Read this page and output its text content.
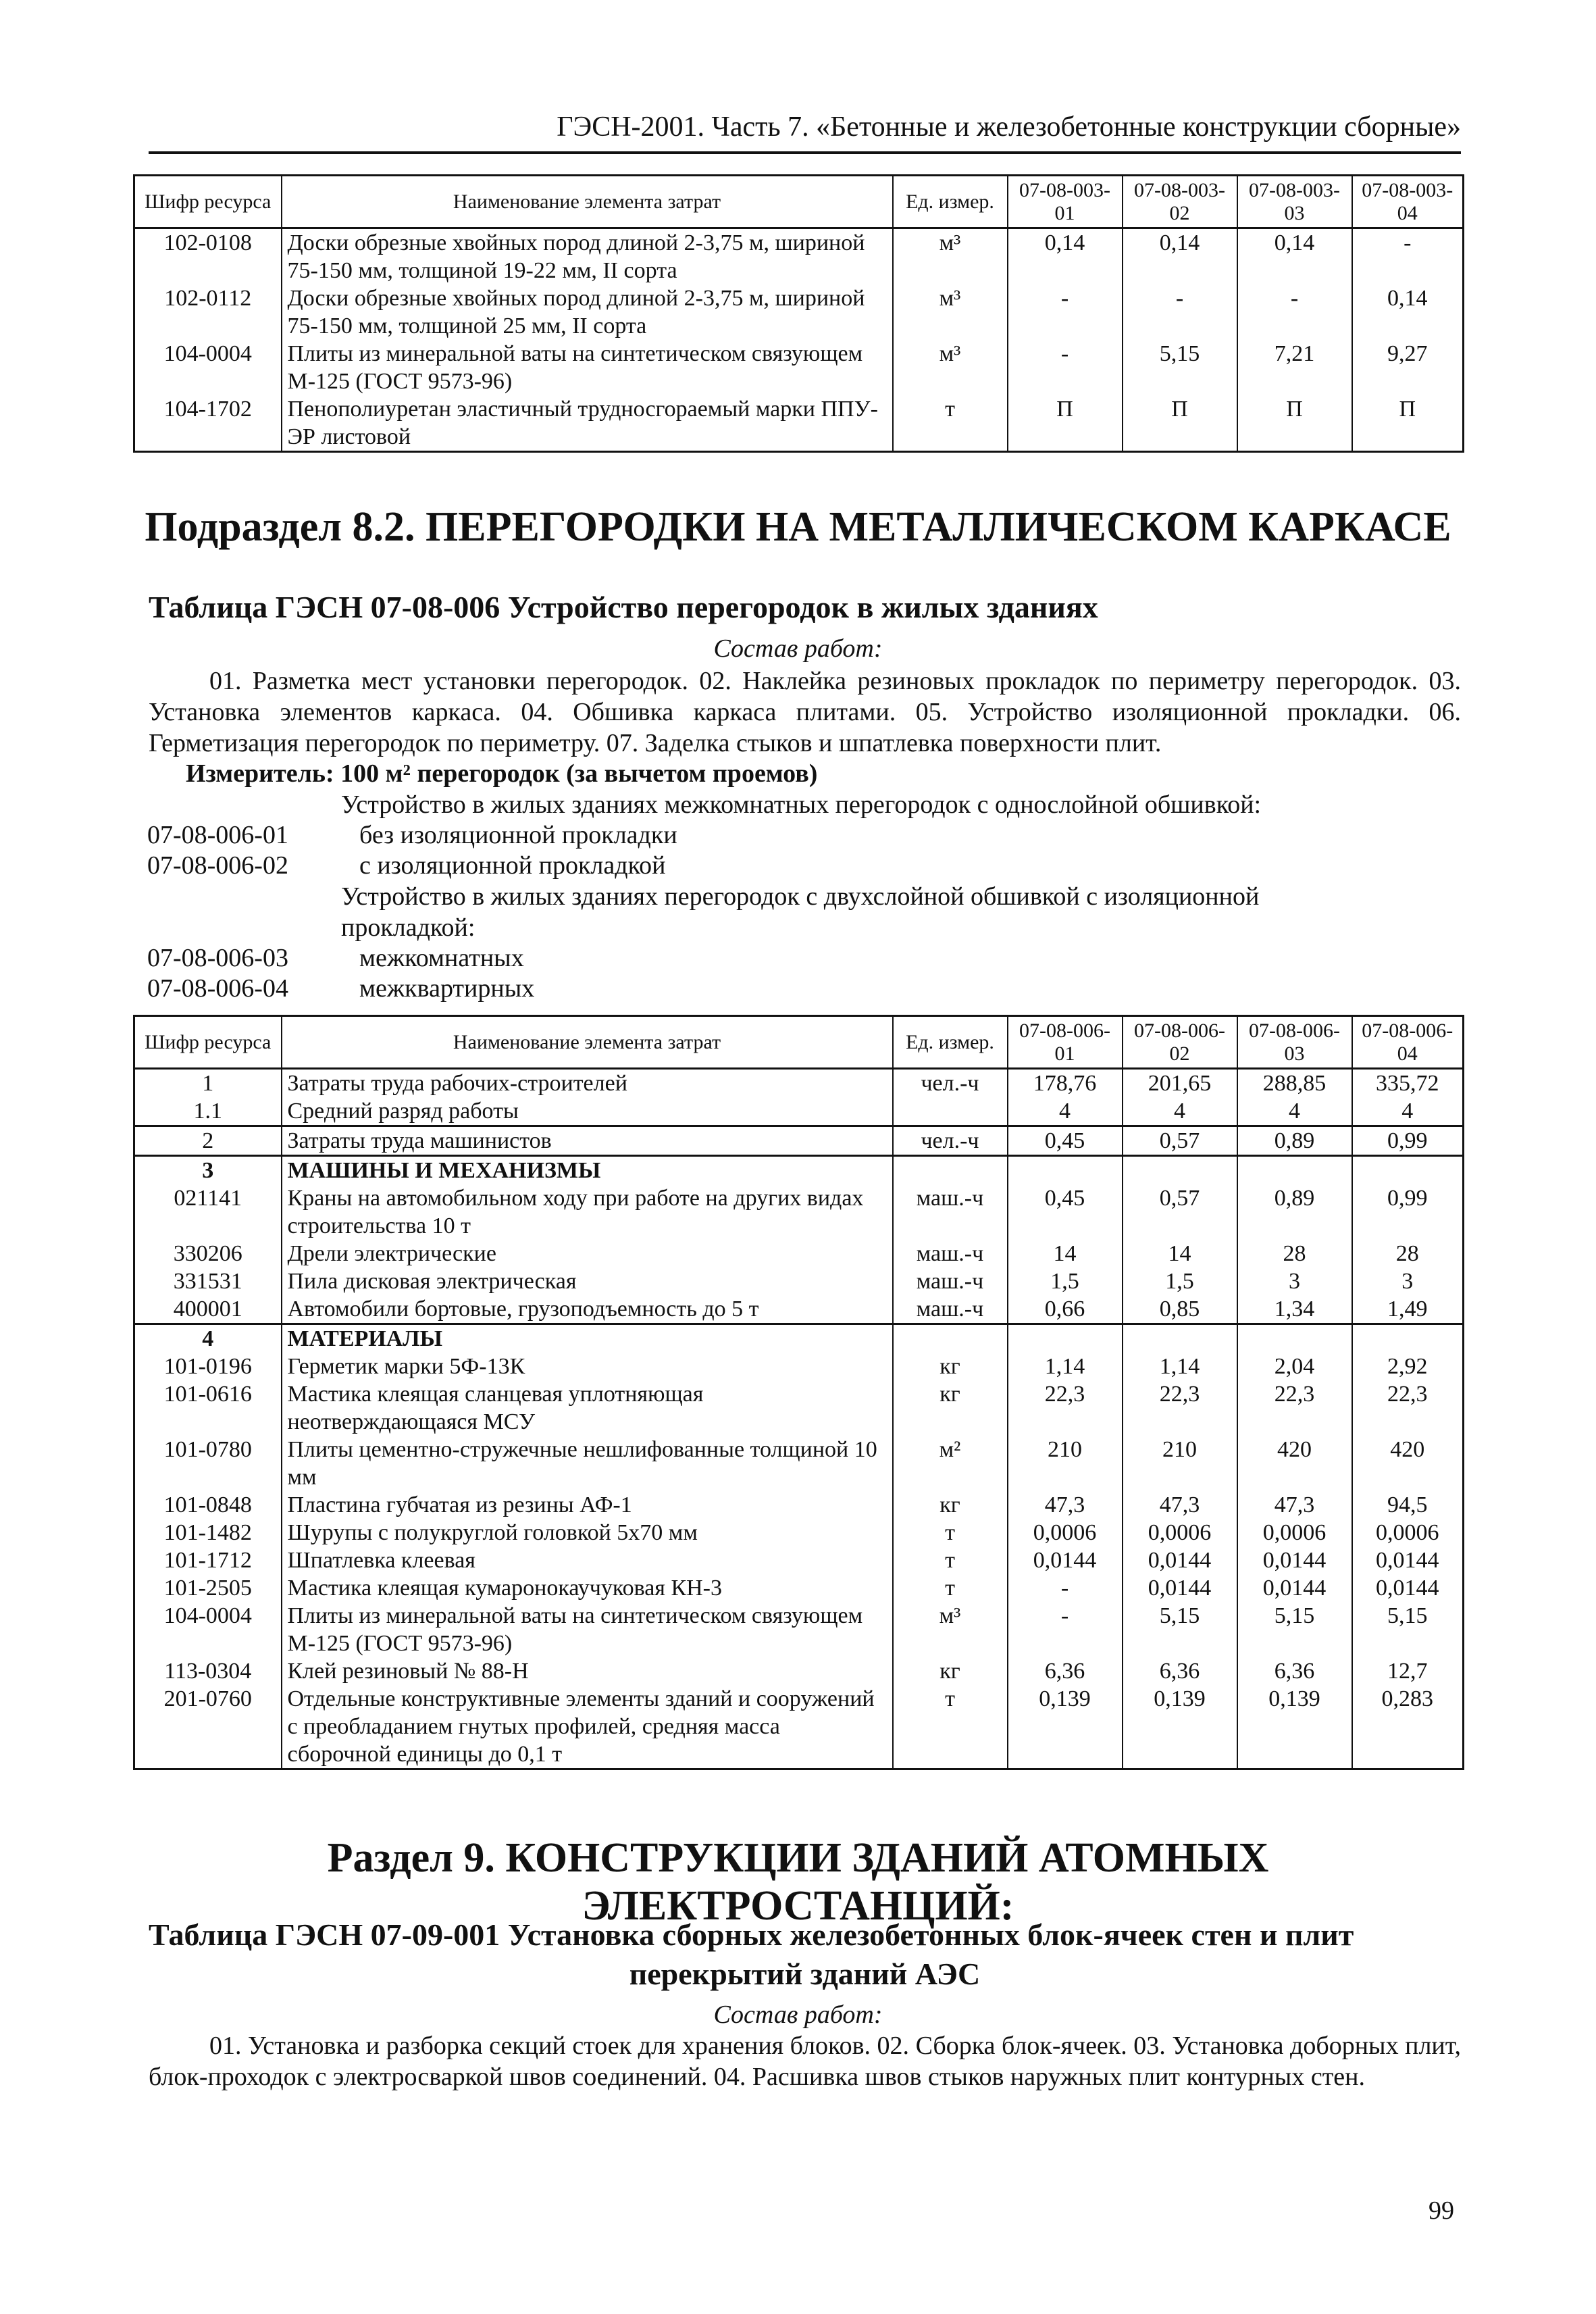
ГЭСН-2001. Часть 7. «Бетонные и железобетонные конструкции сборные»
Шифр ресурса	Наименование элемента затрат	Ед. измер.	07-08-003-01	07-08-003-02	07-08-003-03	07-08-003-04
102-0108	Доски обрезные хвойных пород длиной 2-3,75 м, шириной 75-150 мм, толщиной 19-22 мм, II сорта	м³	0,14	0,14	0,14	-
102-0112	Доски обрезные хвойных пород длиной 2-3,75 м, шириной 75-150 мм, толщиной 25 мм, II сорта	м³	-	-	-	0,14
104-0004	Плиты из минеральной ваты на синтетическом связующем М-125 (ГОСТ 9573-96)	м³	-	5,15	7,21	9,27
104-1702	Пенополиуретан эластичный трудносгораемый марки ППУ-ЭР листовой	т	П	П	П	П
Подраздел 8.2. ПЕРЕГОРОДКИ НА МЕТАЛЛИЧЕСКОМ КАРКАСЕ
Таблица ГЭСН 07-08-006 Устройство перегородок в жилых зданиях
Состав работ:
01. Разметка мест установки перегородок. 02. Наклейка резиновых прокладок по периметру перегородок. 03. Установка элементов каркаса. 04. Обшивка каркаса плитами. 05. Устройство изоляционной прокладки. 06. Герметизация перегородок по периметру. 07. Заделка стыков и шпатлевка поверхности плит.
Измеритель: 100 м² перегородок (за вычетом проемов)
Устройство в жилых зданиях межкомнатных перегородок с однослойной обшивкой:
07-08-006-01	без изоляционной прокладки
07-08-006-02	с изоляционной прокладкой
Устройство в жилых зданиях перегородок с двухслойной обшивкой с изоляционной прокладкой:
07-08-006-03	межкомнатных
07-08-006-04	межквартирных
Шифр ресурса	Наименование элемента затрат	Ед. измер.	07-08-006-01	07-08-006-02	07-08-006-03	07-08-006-04
1	Затраты труда рабочих-строителей	чел.-ч	178,76	201,65	288,85	335,72
1.1	Средний разряд работы		4	4	4	4
2	Затраты труда машинистов	чел.-ч	0,45	0,57	0,89	0,99
3	МАШИНЫ И МЕХАНИЗМЫ					
021141	Краны на автомобильном ходу при работе на других видах строительства 10 т	маш.-ч	0,45	0,57	0,89	0,99
330206	Дрели электрические	маш.-ч	14	14	28	28
331531	Пила дисковая электрическая	маш.-ч	1,5	1,5	3	3
400001	Автомобили бортовые, грузоподъемность до 5 т	маш.-ч	0,66	0,85	1,34	1,49
4	МАТЕРИАЛЫ					
101-0196	Герметик марки 5Ф-13К	кг	1,14	1,14	2,04	2,92
101-0616	Мастика клеящая сланцевая уплотняющая неотверждающаяся МСУ	кг	22,3	22,3	22,3	22,3
101-0780	Плиты цементно-стружечные нешлифованные толщиной 10 мм	м²	210	210	420	420
101-0848	Пластина губчатая из резины АФ-1	кг	47,3	47,3	47,3	94,5
101-1482	Шурупы с полукруглой головкой 5х70 мм	т	0,0006	0,0006	0,0006	0,0006
101-1712	Шпатлевка клеевая	т	0,0144	0,0144	0,0144	0,0144
101-2505	Мастика клеящая кумаронокаучуковая КН-3	т	-	0,0144	0,0144	0,0144
104-0004	Плиты из минеральной ваты на синтетическом связующем М-125 (ГОСТ 9573-96)	м³	-	5,15	5,15	5,15
113-0304	Клей резиновый № 88-Н	кг	6,36	6,36	6,36	12,7
201-0760	Отдельные конструктивные элементы зданий и сооружений с преобладанием гнутых профилей, средняя масса сборочной единицы до 0,1 т	т	0,139	0,139	0,139	0,283
Раздел 9. КОНСТРУКЦИИ ЗДАНИЙ АТОМНЫХ ЭЛЕКТРОСТАНЦИЙ:
Таблица ГЭСН 07-09-001 Установка сборных железобетонных блок-ячеек стен и плит
перекрытий зданий АЭС
Состав работ:
01. Установка и разборка секций стоек для хранения блоков. 02. Сборка блок-ячеек. 03. Установка доборных плит, блок-проходок с электросваркой швов соединений. 04. Расшивка швов стыков наружных плит контурных стен.
99
